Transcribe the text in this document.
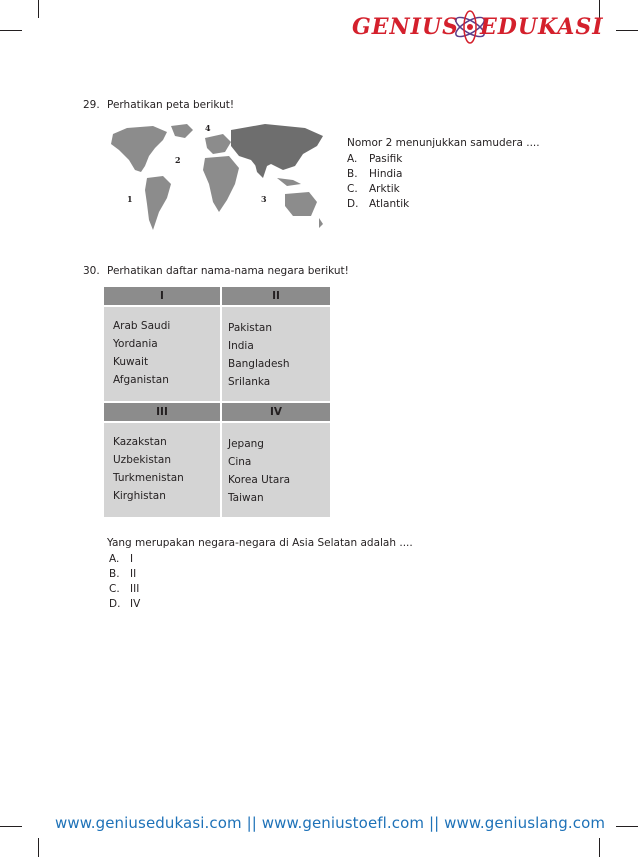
GENIUS EDUKASI
29. Perhatikan peta berikut!
1
2
3
4
Nomor 2 menunjukkan samudera ....
A. Pasifik
B. Hindia
C. Arktik
D. Atlantik
30. Perhatikan daftar nama-nama negara berikut!
I	II
Arab Saudi
Yordania
Kuwait
Afganistan
Pakistan
India
Bangladesh
Srilanka
III	IV
Kazakstan
Uzbekistan
Turkmenistan
Kirghistan
Jepang
Cina
Korea Utara
Taiwan
Yang merupakan negara-negara di Asia Selatan adalah ....
A. I
B. II
C. III
D. IV
www.geniusedukasi.com || www.geniustoefl.com || www.geniuslang.com
